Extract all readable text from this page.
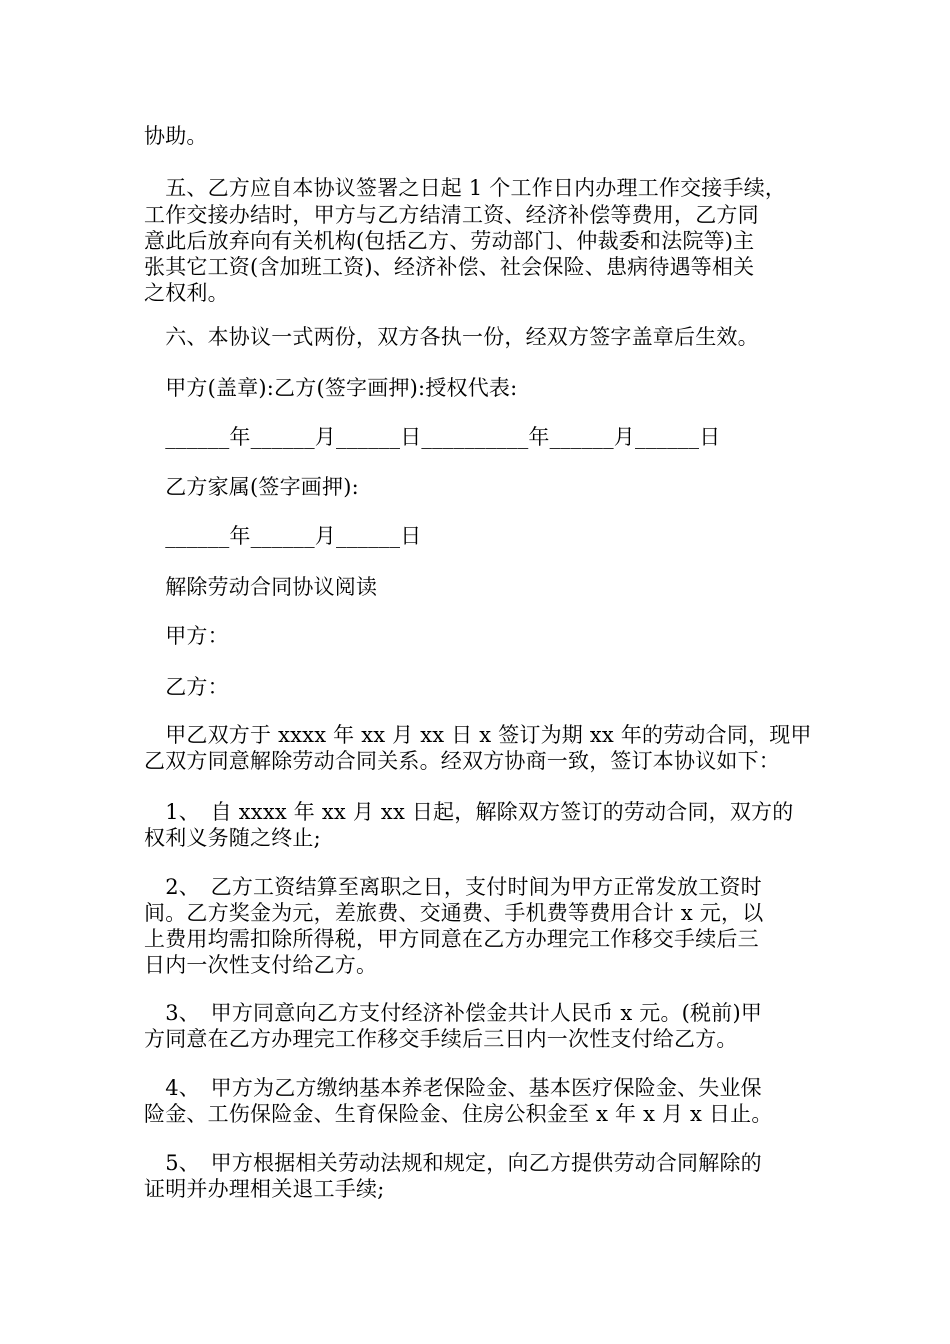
协助。
　五、乙方应自本协议签署之日起 1 个工作日内办理工作交接手续，
工作交接办结时，甲方与乙方结清工资、经济补偿等费用，乙方同
意此后放弃向有关机构(包括乙方、劳动部门、仲裁委和法院等)主
张其它工资(含加班工资)、经济补偿、社会保险、患病待遇等相关
之权利。
　六、本协议一式两份，双方各执一份，经双方签字盖章后生效。
　甲方(盖章):乙方(签字画押):授权代表:
　______年______月______日__________年______月______日
　乙方家属(签字画押):
　______年______月______日
　解除劳动合同协议阅读
　甲方：
　乙方：
　甲乙双方于 xxxx 年 xx 月 xx 日 x 签订为期 xx 年的劳动合同，现甲
乙双方同意解除劳动合同关系。经双方协商一致，签订本协议如下：
　1、　自 xxxx 年 xx 月 xx 日起，解除双方签订的劳动合同，双方的
权利义务随之终止;
　2、　乙方工资结算至离职之日，支付时间为甲方正常发放工资时
间。乙方奖金为元，差旅费、交通费、手机费等费用合计 x 元，以
上费用均需扣除所得税，甲方同意在乙方办理完工作移交手续后三
日内一次性支付给乙方。
　3、　甲方同意向乙方支付经济补偿金共计人民币 x 元。(税前)甲
方同意在乙方办理完工作移交手续后三日内一次性支付给乙方。
　4、　甲方为乙方缴纳基本养老保险金、基本医疗保险金、失业保
险金、工伤保险金、生育保险金、住房公积金至 x 年 x 月 x 日止。
　5、　甲方根据相关劳动法规和规定，向乙方提供劳动合同解除的
证明并办理相关退工手续;
